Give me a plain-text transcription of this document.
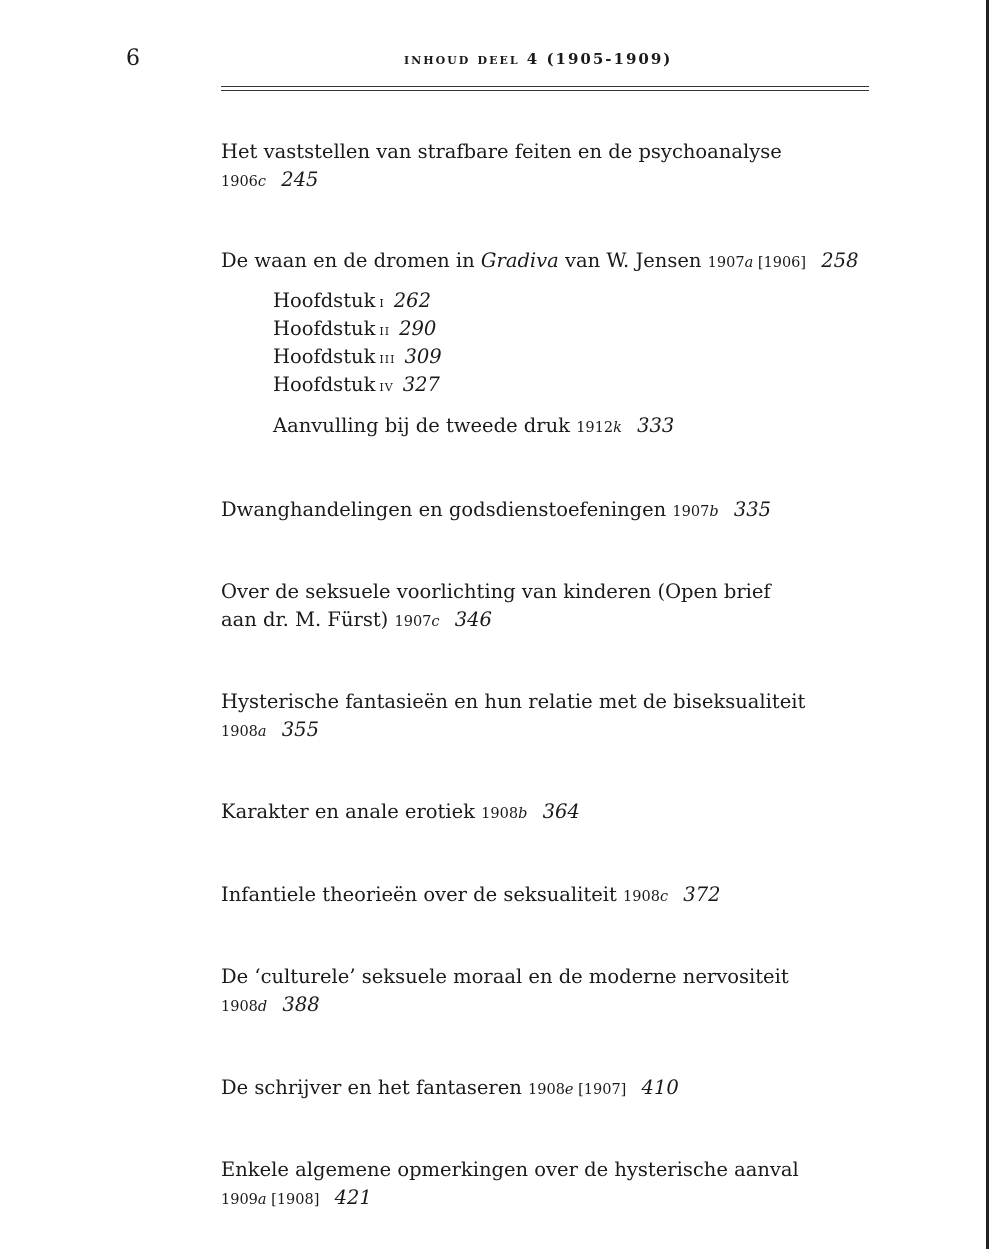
6	inhoud deel 4 (1905-1909)
Het vaststellen van strafbare feiten en de psychoanalyse
1906c 245
De waan en de dromen in Gradiva van W. Jensen 1907a [1906] 258
Hoofdstuk i 262
Hoofdstuk ii 290
Hoofdstuk iii 309
Hoofdstuk iv 327
Aanvulling bij de tweede druk 1912k 333
Dwanghandelingen en godsdienstoefeningen 1907b 335
Over de seksuele voorlichting van kinderen (Open brief
aan dr. M. Fürst) 1907c 346
Hysterische fantasieën en hun relatie met de biseksualiteit
1908a 355
Karakter en anale erotiek 1908b 364
Infantiele theorieën over de seksualiteit 1908c 372
De ‘culturele’ seksuele moraal en de moderne nervositeit
1908d 388
De schrijver en het fantaseren 1908e [1907] 410
Enkele algemene opmerkingen over de hysterische aanval
1909a [1908] 421
